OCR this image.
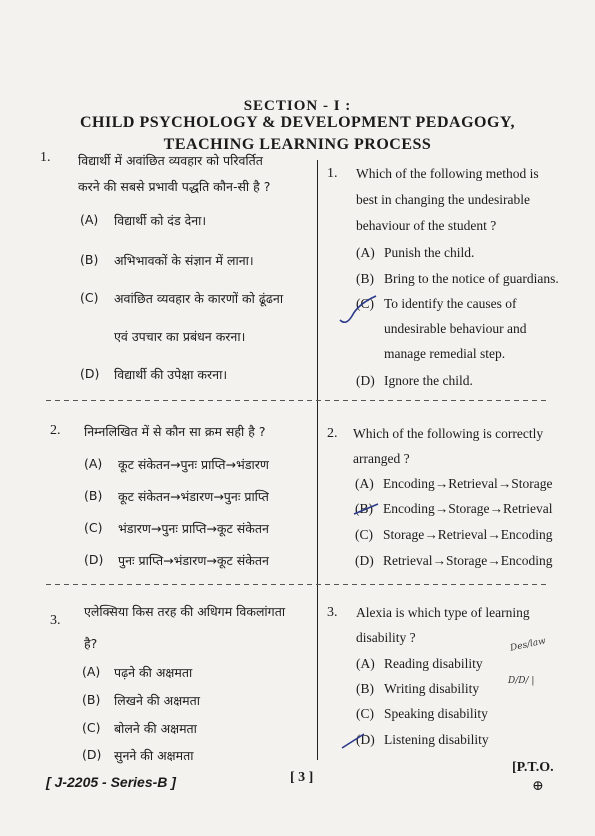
SECTION - I :
CHILD PSYCHOLOGY & DEVELOPMENT PEDAGOGY,
TEACHING LEARNING PROCESS
1. विद्यार्थी में अवांछित व्यवहार को परिवर्तित
करने की सबसे प्रभावी पद्धति कौन-सी है ?
(A) विद्यार्थी को दंड देना।
(B) अभिभावकों के संज्ञान में लाना।
(C) अवांछित व्यवहार के कारणों को ढूंढना
एवं उपचार का प्रबंधन करना।
(D) विद्यार्थी की उपेक्षा करना।
1. Which of the following method is
best in changing the undesirable
behaviour of the student ?
(A) Punish the child.
(B) Bring to the notice of guardians.
(C) To identify the causes of
undesirable behaviour and
manage remedial step.
(D) Ignore the child.
2. निम्नलिखित में से कौन सा क्रम सही है ?
(A) कूट संकेतन→पुनः प्राप्ति→भंडारण
(B) कूट संकेतन→भंडारण→पुनः प्राप्ति
(C) भंडारण→पुनः प्राप्ति→कूट संकेतन
(D) पुनः प्राप्ति→भंडारण→कूट संकेतन
2. Which of the following is correctly
arranged ?
(A) Encoding→Retrieval→Storage
(B) Encoding→Storage→Retrieval
(C) Storage→Retrieval→Encoding
(D) Retrieval→Storage→Encoding
3.
एलेक्सिया किस तरह की अधिगम विकलांगता
है?
(A) पढ़ने की अक्षमता
(B) लिखने की अक्षमता
(C) बोलने की अक्षमता
(D) सुनने की अक्षमता
3. Alexia is which type of learning
disability ?
(A) Reading disability
(B) Writing disability
(C) Speaking disability
(D) Listening disability
Des/law
D/D/ |
[ J-2205 - Series-B ]	[ 3 ]
[P.T.O.
⊕
